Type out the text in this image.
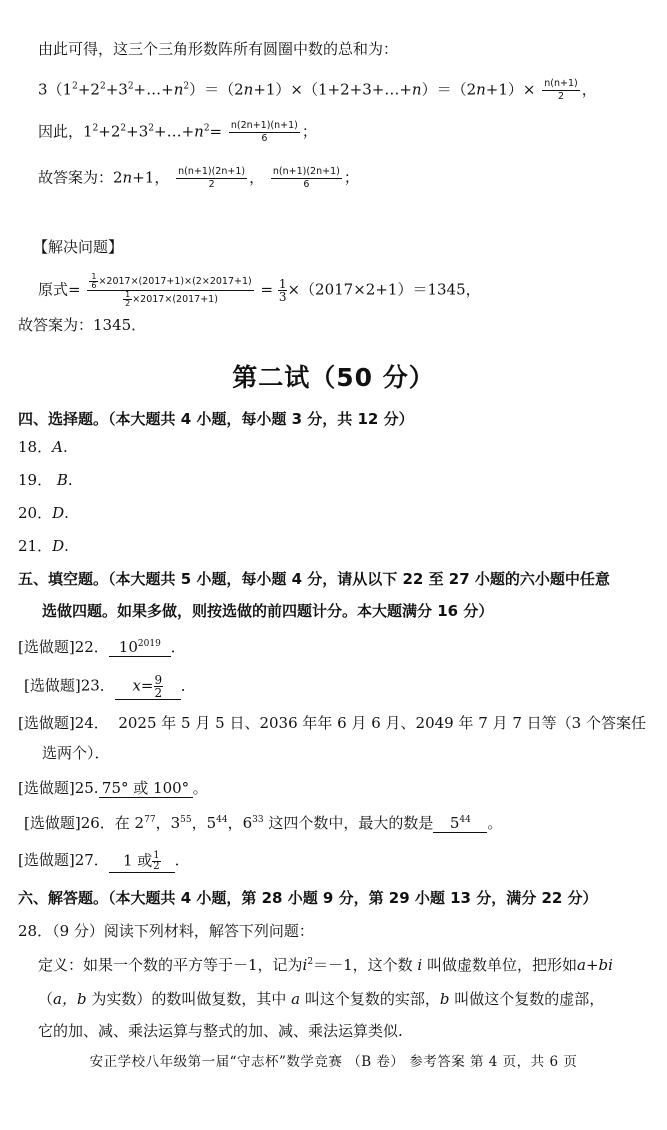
由此可得，这三个三角形数阵所有圆圈中数的总和为：
$3(1^2+2^2+3^2+\dots+n^2)=(2n+1)\times(1+2+3+\dots+n)=(2n+1)\times \frac{n(n+1)}{2}$ ，
因此，$1^2+2^2+3^2+\dots+n^2= \frac{n(2n+1)(n+1)}{6}$ ；
故答案为：2n+1， $\frac{n(n+1)(2n+1)}{2}$ ， $\frac{n(n+1)(2n+1)}{6}$ ；
【解决问题】
原式= $\frac{\frac{1}{6} \times 2017\times(2017+1)\times(2\times 2017+1)}{\frac{1}{2} \times 2017\times(2017+1)} = \frac{1}{3} \times(2017\times 2+1)=1345$，
故答案为：1345．
第二试（50 分）
四、选择题。（本大题共 4 小题，每小题 3 分，共 12 分）
18．A.
19． B.
20．D.
21．D.
五、填空题。（本大题共 5 小题，每小题 4 分，请从以下 22 至 27 小题的六小题中任意
选做四题。如果多做，则按选做的前四题计分。本大题满分 16 分）
[选做题]22． $10^{2019}$ ．
[选做题]23． $x= \frac{9}{2}$ ．
[选做题]24． 2025 年 5 月 5 日、2036 年年 6 月 6 月、2049 年 7 月 7 日等（3 个答案任
选两个）．
[选做题]25. 75° 或 100° 。
[选做题]26．在 $2^{77}$，$3^{55}$，$5^{44}$，$6^{33}$ 这四个数中，最大的数是 $5^{44}$ 。
[选做题]27． 1 或 $\frac{1}{2}$ ．
六、解答题。（本大题共 4 小题，第 28 小题 9 分，第 29 小题 13 分，满分 22 分）
28．（9 分）阅读下列材料，解答下列问题：
定义：如果一个数的平方等于－1，记为$i^2=-1$，这个数 i 叫做虚数单位，把形如a+bi
（a，b 为实数）的数叫做复数，其中 a 叫这个复数的实部，b 叫做这个复数的虚部，
它的加、减、乘法运算与整式的加、减、乘法运算类似.
安正学校八年级第一届“守志杯”数学竞赛 （B 卷） 参考答案 第 4 页，共 6 页
